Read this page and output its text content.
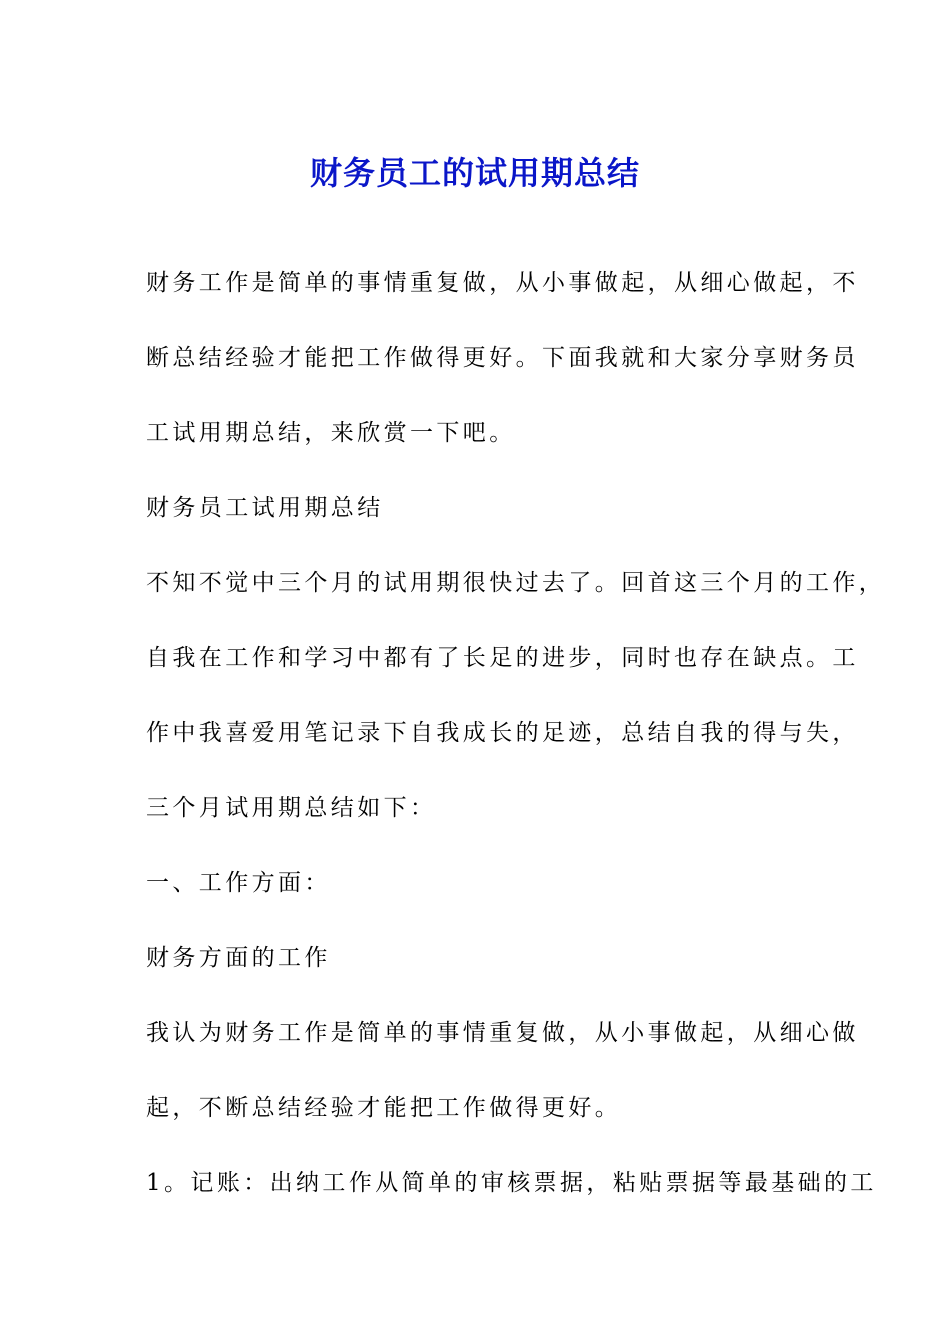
财务员工的试用期总结

财务工作是简单的事情重复做，从小事做起，从细心做起，不

断总结经验才能把工作做得更好。下面我就和大家分享财务员

工试用期总结，来欣赏一下吧。

财务员工试用期总结

不知不觉中三个月的试用期很快过去了。回首这三个月的工作，

自我在工作和学习中都有了长足的进步，同时也存在缺点。工

作中我喜爱用笔记录下自我成长的足迹，总结自我的得与失，

三个月试用期总结如下：

一、工作方面：

财务方面的工作

我认为财务工作是简单的事情重复做，从小事做起，从细心做

起，不断总结经验才能把工作做得更好。

1。记账：出纳工作从简单的审核票据，粘贴票据等最基础的工
